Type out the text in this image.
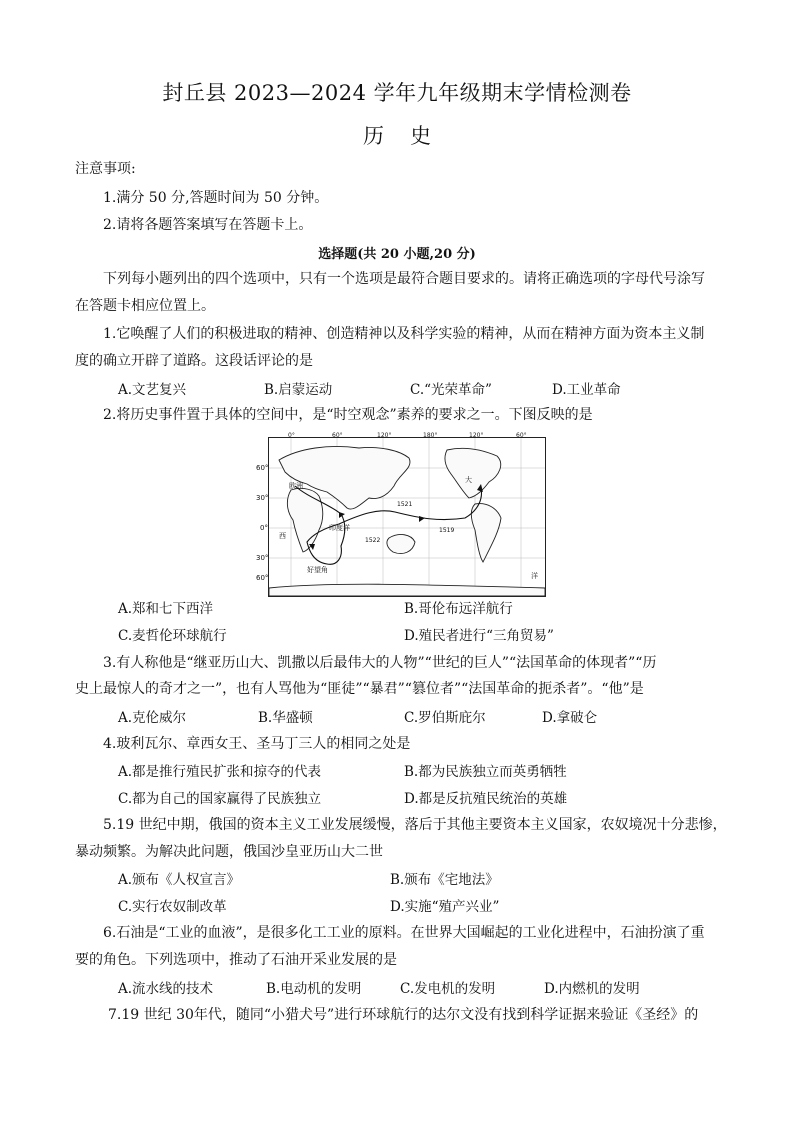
封丘县 2023—2024 学年九年级期末学情检测卷
历史
注意事项:
1.满分 50 分,答题时间为 50 分钟。
2.请将各题答案填写在答题卡上。
选择题(共 20 小题,20 分)
下列每小题列出的四个选项中，只有一个选项是最符合题目要求的。请将正确选项的字母代号涂写
在答题卡相应位置上。
1.它唤醒了人们的积极进取的精神、创造精神以及科学实验的精神，从而在精神方面为资本主义制
度的确立开辟了道路。这段话评论的是
A.文艺复兴	B.启蒙运动	C.“光荣革命”	D.工业革命
2.将历史事件置于具体的空间中，是“时空观念”素养的要求之一。下图反映的是
0°	60°	120°	180°	120°	60°
欧洲
印度洋
大
西
洋
好望角
1521
1519
1522
60°
30°
0°
30°
60°
A.郑和七下西洋	B.哥伦布远洋航行
C.麦哲伦环球航行	D.殖民者进行“三角贸易”
3.有人称他是“继亚历山大、凯撒以后最伟大的人物”“世纪的巨人”“法国革命的体现者”“历
史上最惊人的奇才之一”，也有人骂他为“匪徒”“暴君”“篡位者”“法国革命的扼杀者”。“他”是
A.克伦威尔	B.华盛顿	C.罗伯斯庇尔	D.拿破仑
4.玻利瓦尔、章西女王、圣马丁三人的相同之处是
A.都是推行殖民扩张和掠夺的代表	B.都为民族独立而英勇牺牲
C.都为自己的国家赢得了民族独立	D.都是反抗殖民统治的英雄
5.19 世纪中期，俄国的资本主义工业发展缓慢，落后于其他主要资本主义国家，农奴境况十分悲惨，
暴动频繁。为解决此问题，俄国沙皇亚历山大二世
A.颁布《人权宣言》	B.颁布《宅地法》
C.实行农奴制改革	D.实施“殖产兴业”
6.石油是“工业的血液”，是很多化工工业的原料。在世界大国崛起的工业化进程中，石油扮演了重
要的角色。下列选项中，推动了石油开采业发展的是
A.流水线的技术	B.电动机的发明	C.发电机的发明	D.内燃机的发明
7.19 世纪 30年代，随同“小猎犬号”进行环球航行的达尔文没有找到科学证据来验证《圣经》的
